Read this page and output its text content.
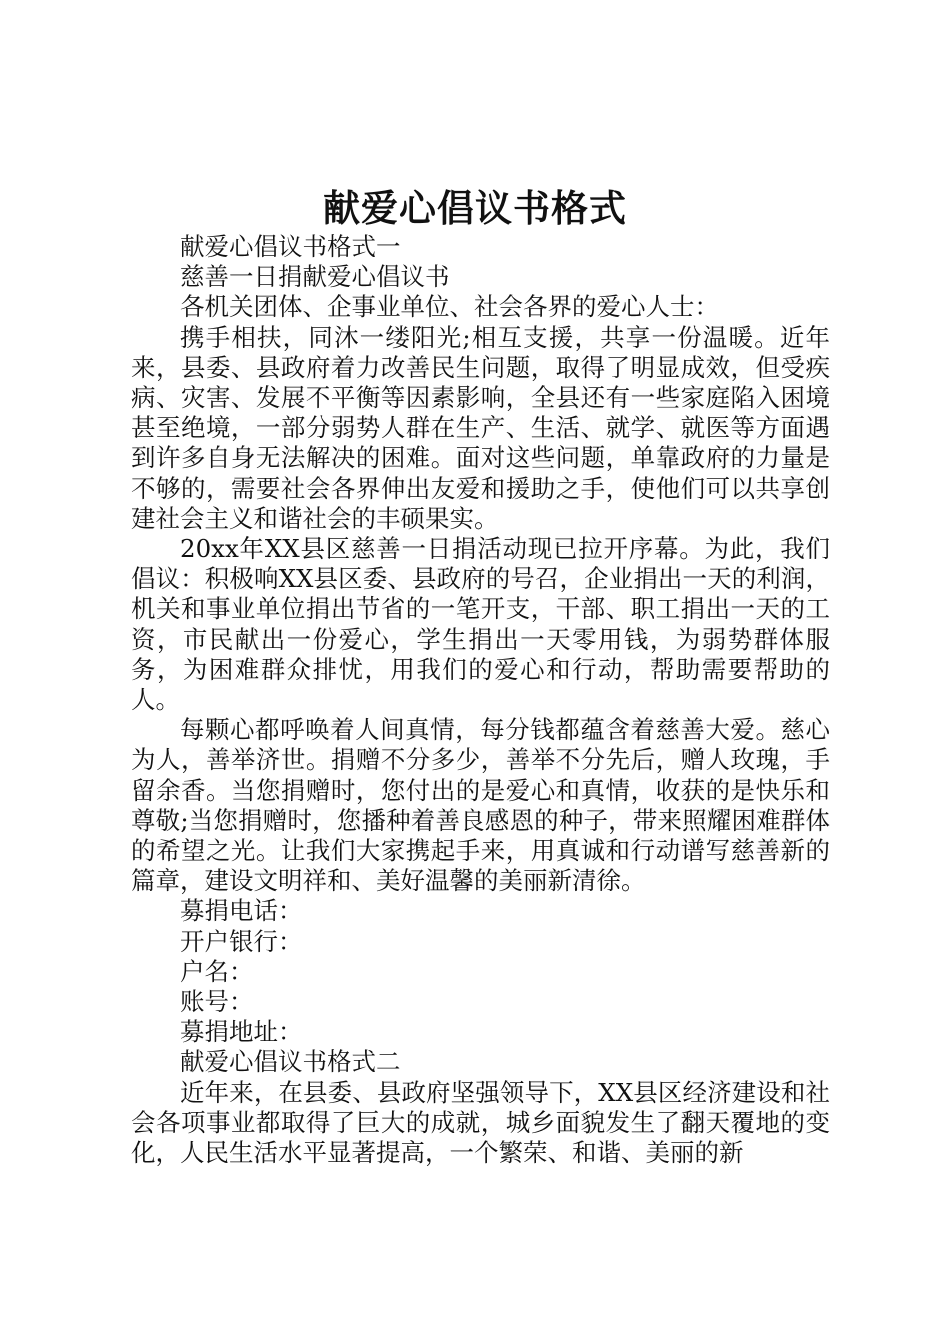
献爱心倡议书格式

献爱心倡议书格式一

慈善一日捐献爱心倡议书

各机关团体、企事业单位、社会各界的爱心人士：

携手相扶，同沐一缕阳光;相互支援，共享一份温暖。近年来，县委、县政府着力改善民生问题，取得了明显成效，但受疾病、灾害、发展不平衡等因素影响，全县还有一些家庭陷入困境甚至绝境，一部分弱势人群在生产、生活、就学、就医等方面遇到许多自身无法解决的困难。面对这些问题，单靠政府的力量是不够的，需要社会各界伸出友爱和援助之手，使他们可以共享创建社会主义和谐社会的丰硕果实。

20xx年XX县区慈善一日捐活动现已拉开序幕。为此，我们倡议：积极响XX县区委、县政府的号召，企业捐出一天的利润，机关和事业单位捐出节省的一笔开支，干部、职工捐出一天的工资，市民献出一份爱心，学生捐出一天零用钱，为弱势群体服务，为困难群众排忧，用我们的爱心和行动，帮助需要帮助的人。

每颗心都呼唤着人间真情，每分钱都蕴含着慈善大爱。慈心为人，善举济世。捐赠不分多少，善举不分先后，赠人玫瑰，手留余香。当您捐赠时，您付出的是爱心和真情，收获的是快乐和尊敬;当您捐赠时，您播种着善良感恩的种子，带来照耀困难群体的希望之光。让我们大家携起手来，用真诚和行动谱写慈善新的篇章，建设文明祥和、美好温馨的美丽新清徐。

募捐电话：

开户银行：

户名：

账号：

募捐地址：

献爱心倡议书格式二

近年来，在县委、县政府坚强领导下，XX县区经济建设和社会各项事业都取得了巨大的成就，城乡面貌发生了翻天覆地的变化，人民生活水平显著提高，一个繁荣、和谐、美丽的新
